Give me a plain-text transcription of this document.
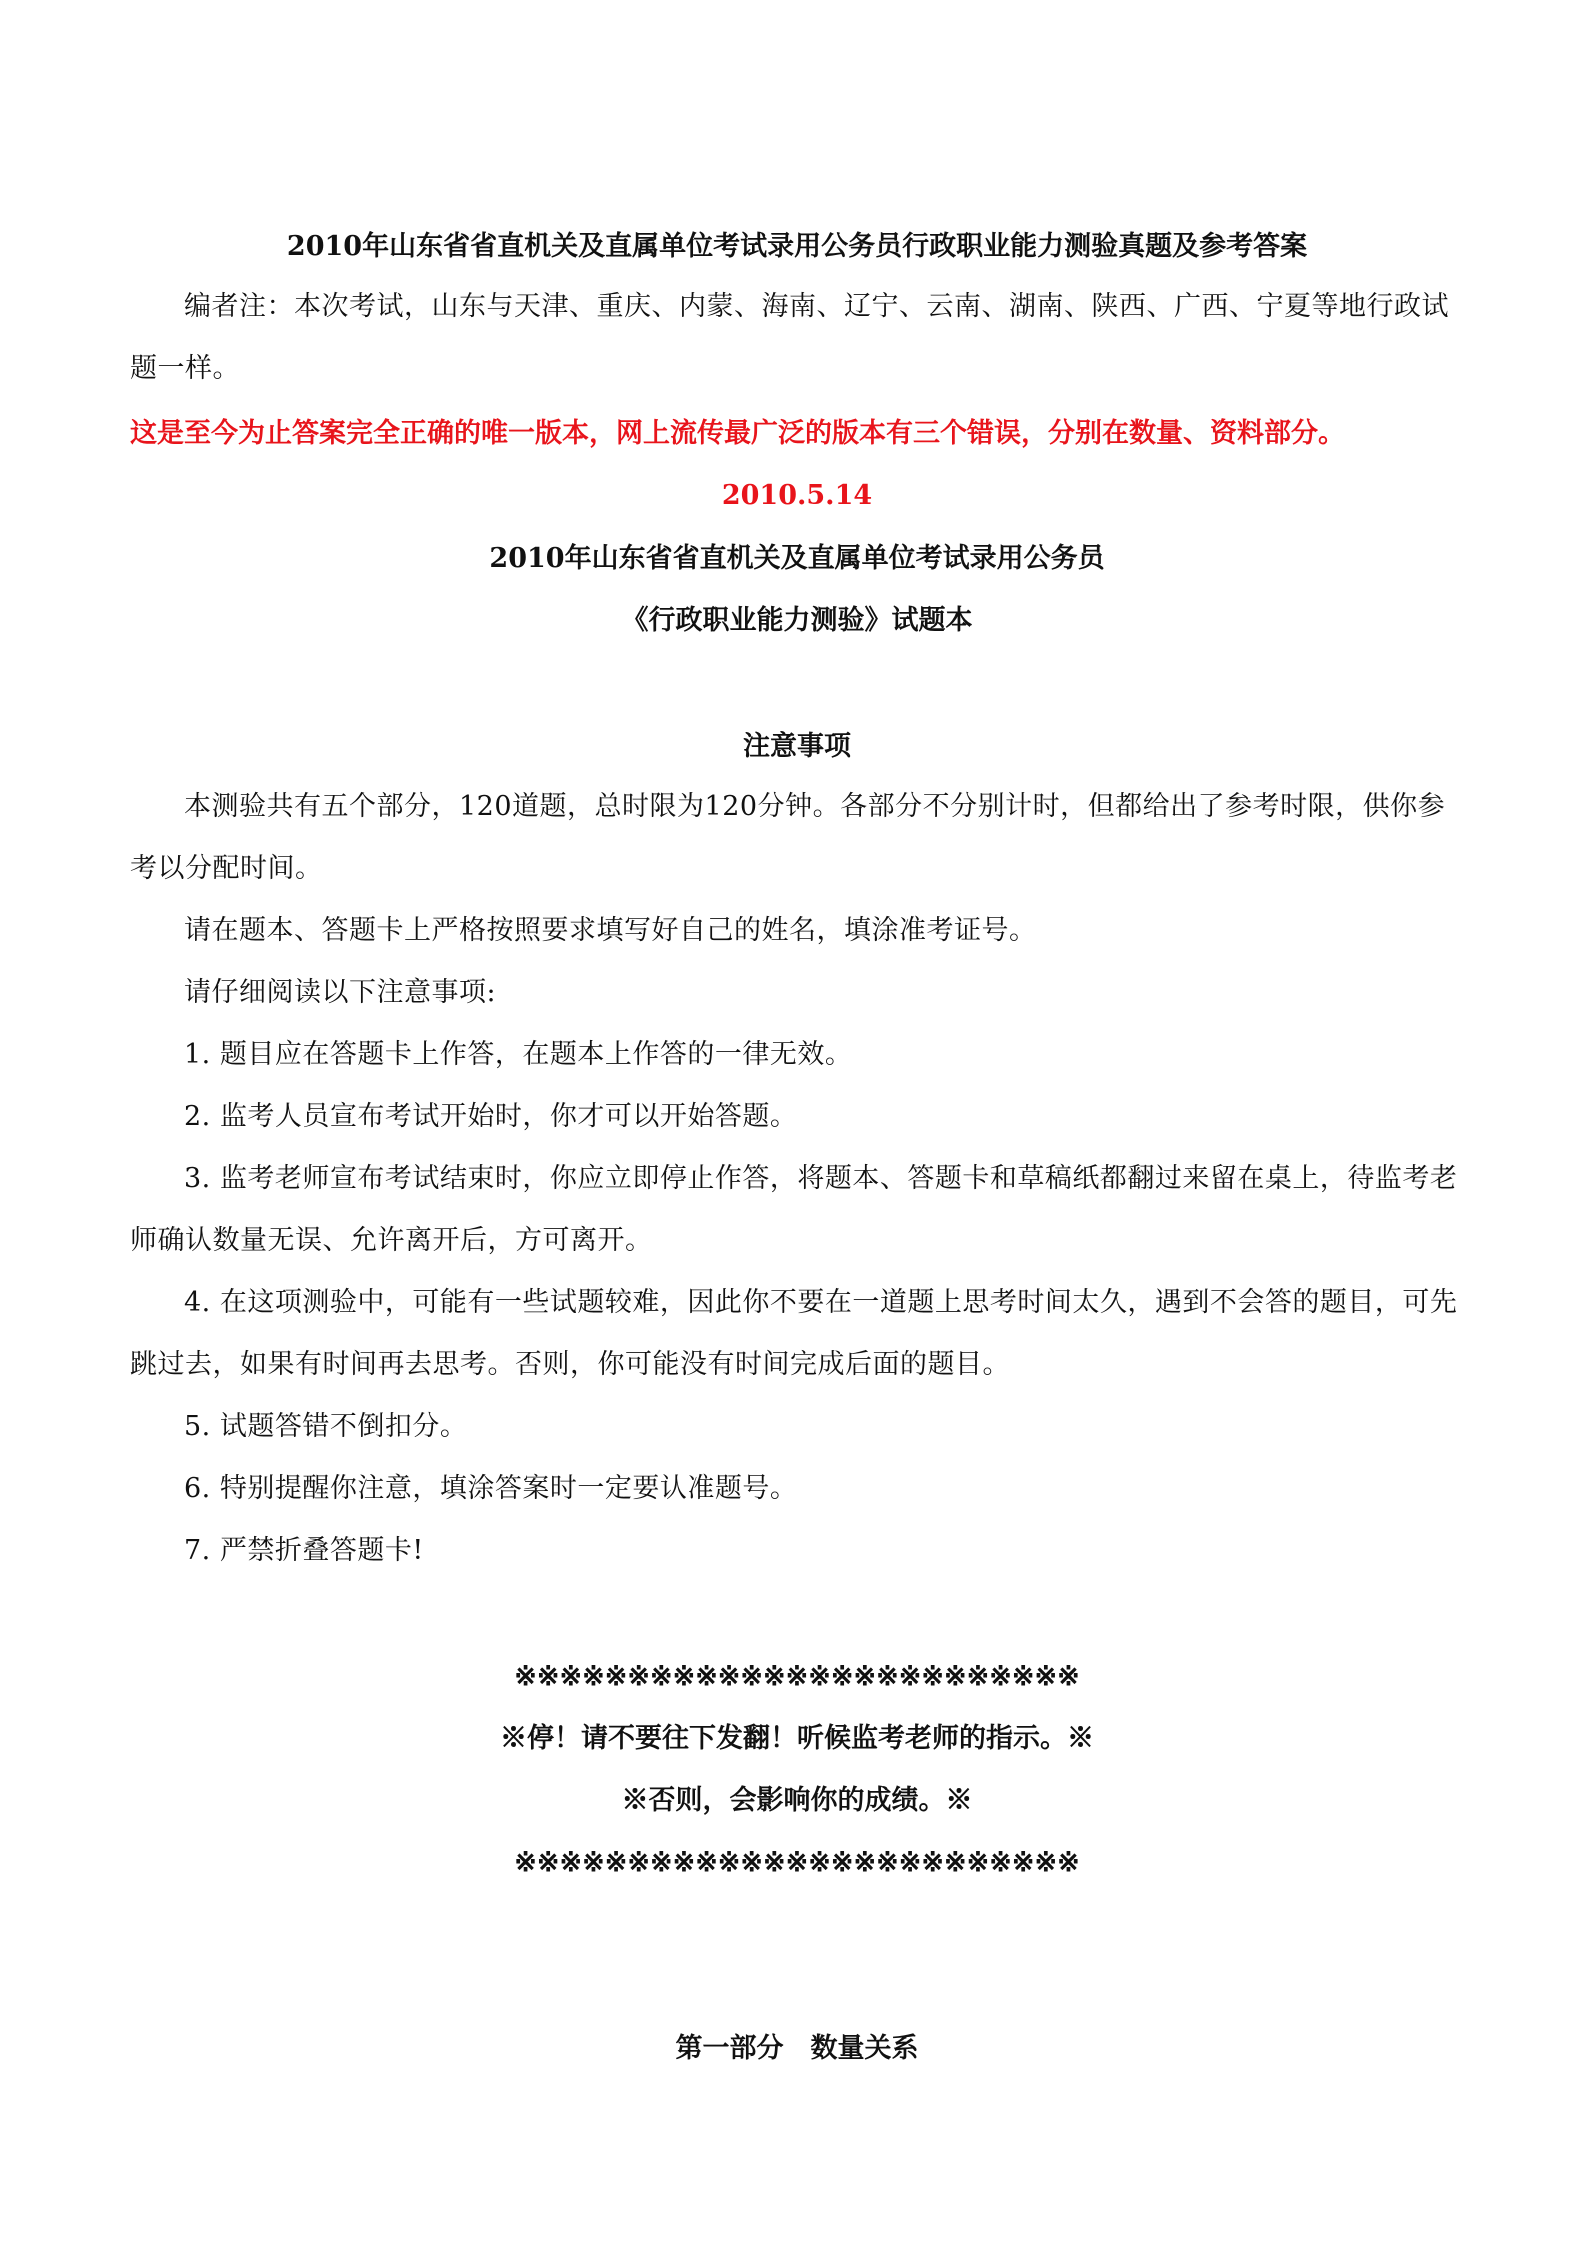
2010年山东省省直机关及直属单位考试录用公务员行政职业能力测验真题及参考答案
编者注：本次考试，山东与天津、重庆、内蒙、海南、辽宁、云南、湖南、陕西、广西、宁夏等地行政试
题一样。
这是至今为止答案完全正确的唯一版本，网上流传最广泛的版本有三个错误，分别在数量、资料部分。
2010.5.14
2010年山东省省直机关及直属单位考试录用公务员
《行政职业能力测验》试题本
注意事项
本测验共有五个部分，120道题，总时限为120分钟。各部分不分别计时，但都给出了参考时限，供你参
考以分配时间。
请在题本、答题卡上严格按照要求填写好自己的姓名，填涂准考证号。
请仔细阅读以下注意事项:
1. 题目应在答题卡上作答，在题本上作答的一律无效。
2. 监考人员宣布考试开始时，你才可以开始答题。
3. 监考老师宣布考试结束时，你应立即停止作答，将题本、答题卡和草稿纸都翻过来留在桌上，待监考老
师确认数量无误、允许离开后，方可离开。
4. 在这项测验中，可能有一些试题较难，因此你不要在一道题上思考时间太久，遇到不会答的题目，可先
跳过去，如果有时间再去思考。否则，你可能没有时间完成后面的题目。
5. 试题答错不倒扣分。
6. 特别提醒你注意，填涂答案时一定要认准题号。
7. 严禁折叠答题卡!
※※※※※※※※※※※※※※※※※※※※※※※※※
※停！请不要往下发翻！听候监考老师的指示。※
※否则，会影响你的成绩。※
※※※※※※※※※※※※※※※※※※※※※※※※※
第一部分　数量关系
